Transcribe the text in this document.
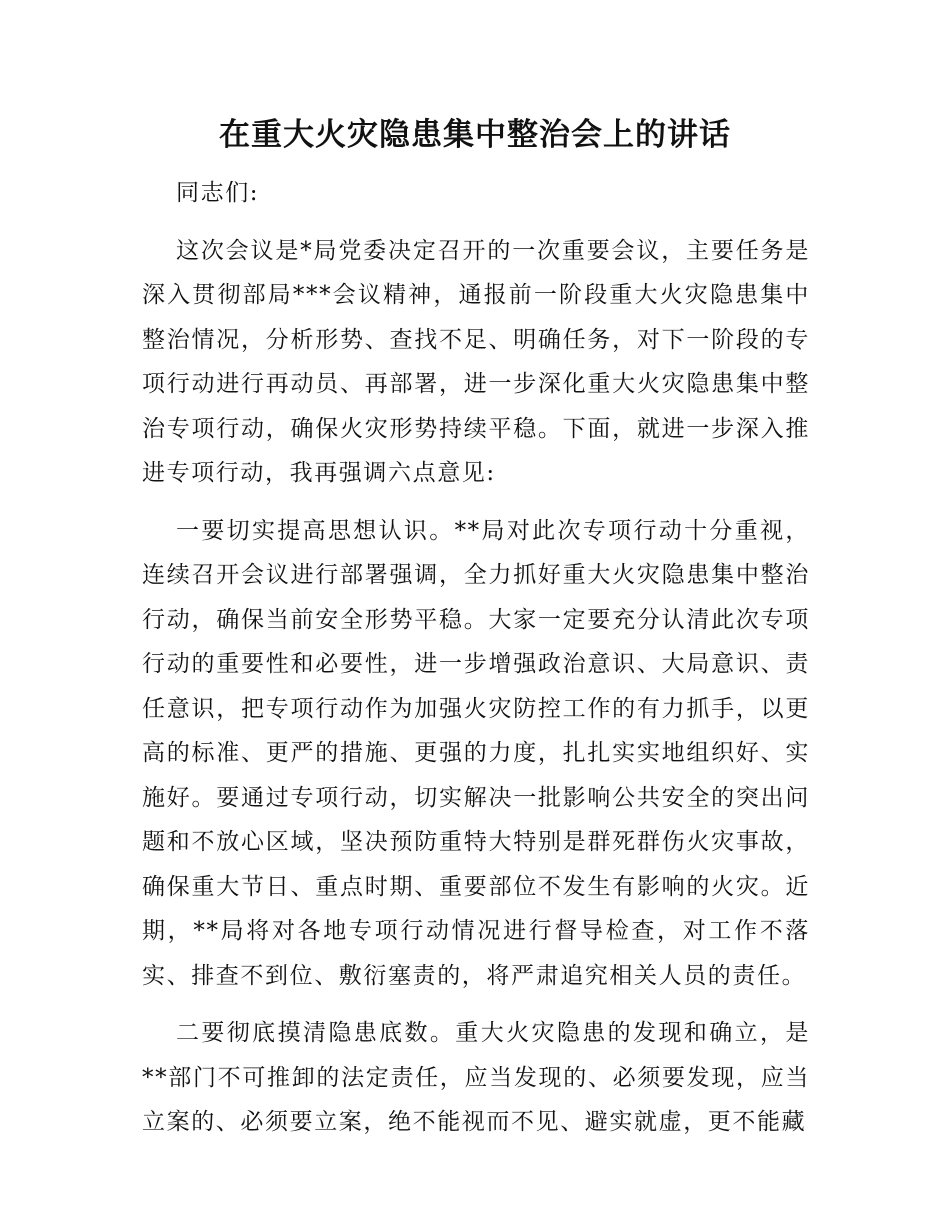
在重大火灾隐患集中整治会上的讲话

同志们:

这次会议是*局党委决定召开的一次重要会议，主要任务是深入贯彻部局***会议精神，通报前一阶段重大火灾隐患集中整治情况，分析形势、查找不足、明确任务，对下一阶段的专项行动进行再动员、再部署，进一步深化重大火灾隐患集中整治专项行动，确保火灾形势持续平稳。下面，就进一步深入推进专项行动，我再强调六点意见:

一要切实提高思想认识。**局对此次专项行动十分重视，连续召开会议进行部署强调，全力抓好重大火灾隐患集中整治行动，确保当前安全形势平稳。大家一定要充分认清此次专项行动的重要性和必要性，进一步增强政治意识、大局意识、责任意识，把专项行动作为加强火灾防控工作的有力抓手，以更高的标准、更严的措施、更强的力度，扎扎实实地组织好、实施好。要通过专项行动，切实解决一批影响公共安全的突出问题和不放心区域，坚决预防重特大特别是群死群伤火灾事故，确保重大节日、重点时期、重要部位不发生有影响的火灾。近期，**局将对各地专项行动情况进行督导检查，对工作不落实、排查不到位、敷衍塞责的，将严肃追究相关人员的责任。

二要彻底摸清隐患底数。重大火灾隐患的发现和确立，是**部门不可推卸的法定责任，应当发现的、必须要发现，应当立案的、必须要立案，绝不能视而不见、避实就虚，更不能藏
